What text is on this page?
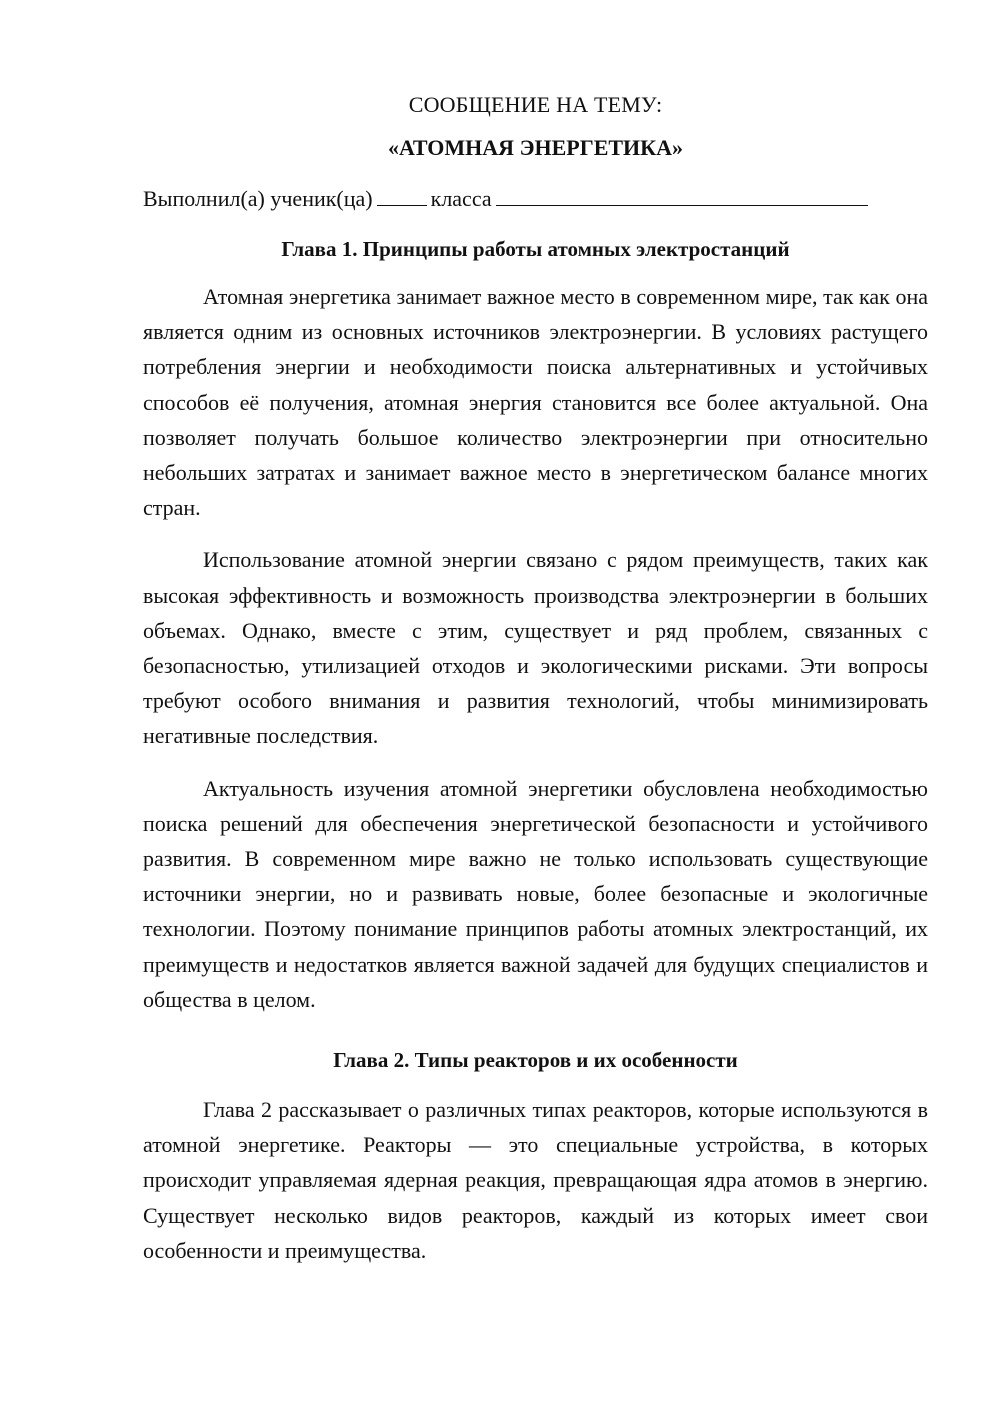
СООБЩЕНИЕ НА ТЕМУ:
«АТОМНАЯ ЭНЕРГЕТИКА»
Выполнил(а) ученик(ца)	класса
Глава 1. Принципы работы атомных электростанций

Атомная энергетика занимает важное место в современном мире, так как она является одним из основных источников электроэнергии. В условиях растущего потребления энергии и необходимости поиска альтернативных и устойчивых способов её получения, атомная энергия становится все более актуальной. Она позволяет получать большое количество электроэнергии при относительно небольших затратах и занимает важное место в энергетическом балансе многих стран.

Использование атомной энергии связано с рядом преимуществ, таких как высокая эффективность и возможность производства электроэнергии в больших объемах. Однако, вместе с этим, существует и ряд проблем, связанных с безопасностью, утилизацией отходов и экологическими рисками. Эти вопросы требуют особого внимания и развития технологий, чтобы минимизировать негативные последствия.

Актуальность изучения атомной энергетики обусловлена необходимостью поиска решений для обеспечения энергетической безопасности и устойчивого развития. В современном мире важно не только использовать существующие источники энергии, но и развивать новые, более безопасные и экологичные технологии. Поэтому понимание принципов работы атомных электростанций, их преимуществ и недостатков является важной задачей для будущих специалистов и общества в целом.

Глава 2. Типы реакторов и их особенности

Глава 2 рассказывает о различных типах реакторов, которые используются в атомной энергетике. Реакторы — это специальные устройства, в которых происходит управляемая ядерная реакция, превращающая ядра атомов в энергию. Существует несколько видов реакторов, каждый из которых имеет свои особенности и преимущества.
